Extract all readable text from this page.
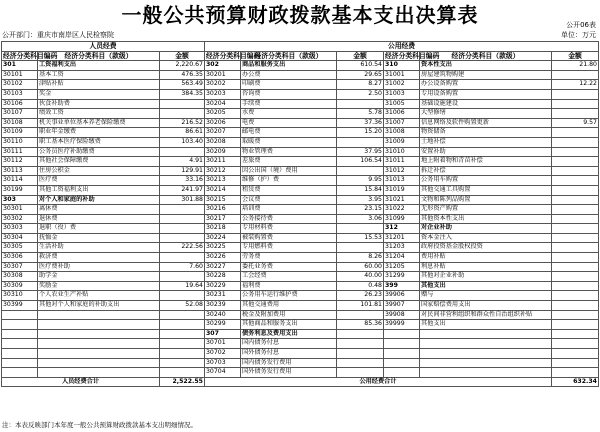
一般公共预算财政拨款基本支出决算表	公开06表
公开部门：重庆市南岸区人民检察院	单位：万元
人员经费			公用经费					
经济分类科目编码	经济分类科目（款级）	金额	经济分类科目编码	经济分类科目（款级）	金额	经济分类科目编码	经济分类科目（款级）	金额
301	工资福利支出	2,220.67	302	商品和服务支出	610.54	310	资本性支出	21.80
30101	基本工资	476.35	30201	办公费	29.65	31001	房屋建筑物购建	
30102	津贴补贴	563.49	30202	印刷费	8.27	31002	办公设备购置	12.22
30103	奖金	384.35	30203	咨询费	2.50	31003	专用设备购置	
30106	伙食补助费		30204	手续费		31005	基础设施建设	
30107	绩效工资		30205	水费	5.78	31006	大型修缮	
30108	机关事业单位基本养老保险缴费	216.52	30206	电费	37.36	31007	信息网络及软件购置更新	9.57
30109	职业年金缴费	86.61	30207	邮电费	15.20	31008	物资储备	
30110	职工基本医疗保险缴费	103.40	30208	取暖费		31009	土地补偿	
30111	公务员医疗补助缴费		30209	物业管理费	37.95	31010	安置补助	
30112	其他社会保障缴费	4.91	30211	差旅费	106.54	31011	地上附着物和青苗补偿	
30113	住房公积金	129.91	30212	因公出国（境）费用		31012	拆迁补偿	
30114	医疗费	33.16	30213	维修（护）费	9.95	31013	公务用车购置	
30199	其他工资福利支出	241.97	30214	租赁费	15.84	31019	其他交通工具购置	
303	对个人和家庭的补助	301.88	30215	会议费	3.95	31021	文物和陈列品购置	
30301	离休费		30216	培训费	23.15	31022	无形资产购置	
30302	退休费		30217	公务接待费	3.06	31099	其他资本性支出	
30303	退职（役）费		30218	专用材料费		312	对企业补助	
30304	抚恤金		30224	被装购置费	15.53	31201	资本金注入	
30305	生活补助	222.56	30225	专用燃料费		31203	政府投资基金股权投资	
30306	救济费		30226	劳务费	8.26	31204	费用补贴	
30307	医疗费补助	7.60	30227	委托业务费	60.00	31205	利息补贴	
30308	助学金		30228	工会经费	40.00	31299	其他对企业补助	
30309	奖励金	19.64	30229	福利费	0.48	399	其他支出	
30310	个人农业生产补贴		30231	公务用车运行维护费	26.23	39906	赠与	
30399	其他对个人和家庭的补助支出	52.08	30239	其他交通费用	101.81	39907	国家赔偿费用支出	
			30240	税金及附加费用		39908	对民间非营利组织和群众性自治组织补贴	
			30299	其他商品和服务支出	85.36	39999	其他支出	
			307	债务利息及费用支出				
			30701	国内债务付息				
			30702	国外债务付息				
			30703	国内债务发行费用				
			30704	国外债务发行费用				
人员经费合计		2,522.55	公用经费合计					632.34
注：本表反映部门本年度一般公共预算财政拨款基本支出明细情况。
